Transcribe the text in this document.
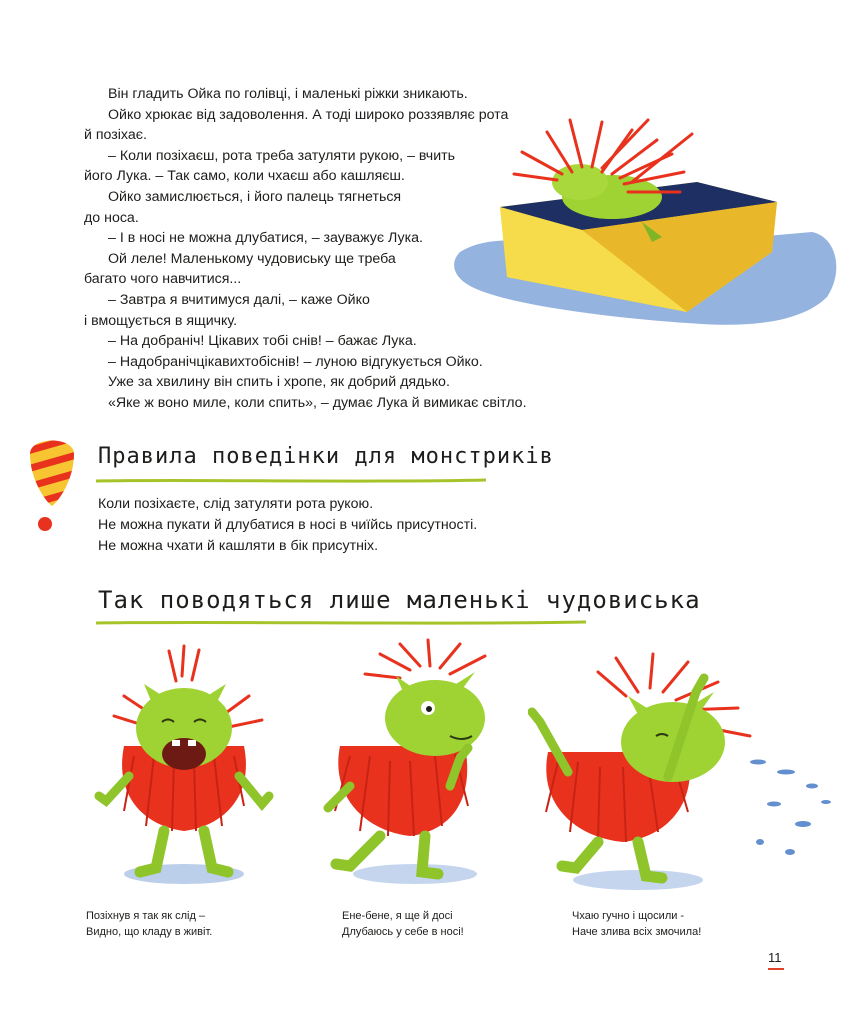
Він гладить Ойка по голівці, і маленькі ріжки зникають.

Ойко хрюкає від задоволення. А тоді широко роззявляє рота

й позіхає.

– Коли позіхаєш, рота треба затуляти рукою, – вчить

його Лука. – Так само, коли чхаєш або кашляєш.

Ойко замислюється, і його палець тягнеться

до носа.

– І в носі не можна длубатися, – зауважує Лука.

Ой леле! Маленькому чудовиську ще треба

багато чого навчитися...

– Завтра я вчитимуся далі, – каже Ойко

і вмощується в ящичку.

– На добраніч! Цікавих тобі снів! – бажає Лука.

– Надобранічцікавихтобіснів! – луною відгукується Ойко.

Уже за хвилину він спить і хропе, як добрий дядько.

«Яке ж воно миле, коли спить», – думає Лука й вимикає світло.

Правила поведінки для монстриків
Коли позіхаєте, слід затуляти рота рукою.
Не можна пукати й длубатися в носі в чиїйсь присутності.
Не можна чхати й кашляти в бік присутніх.
Так поводяться лише маленькі чудовиська
Позіхнув я так як слід –
Видно, що кладу в живіт.
Ене-бене, я ще й досі
Длубаюсь у себе в носі!
Чхаю гучно і щосили -
Наче злива всіх змочила!
11
